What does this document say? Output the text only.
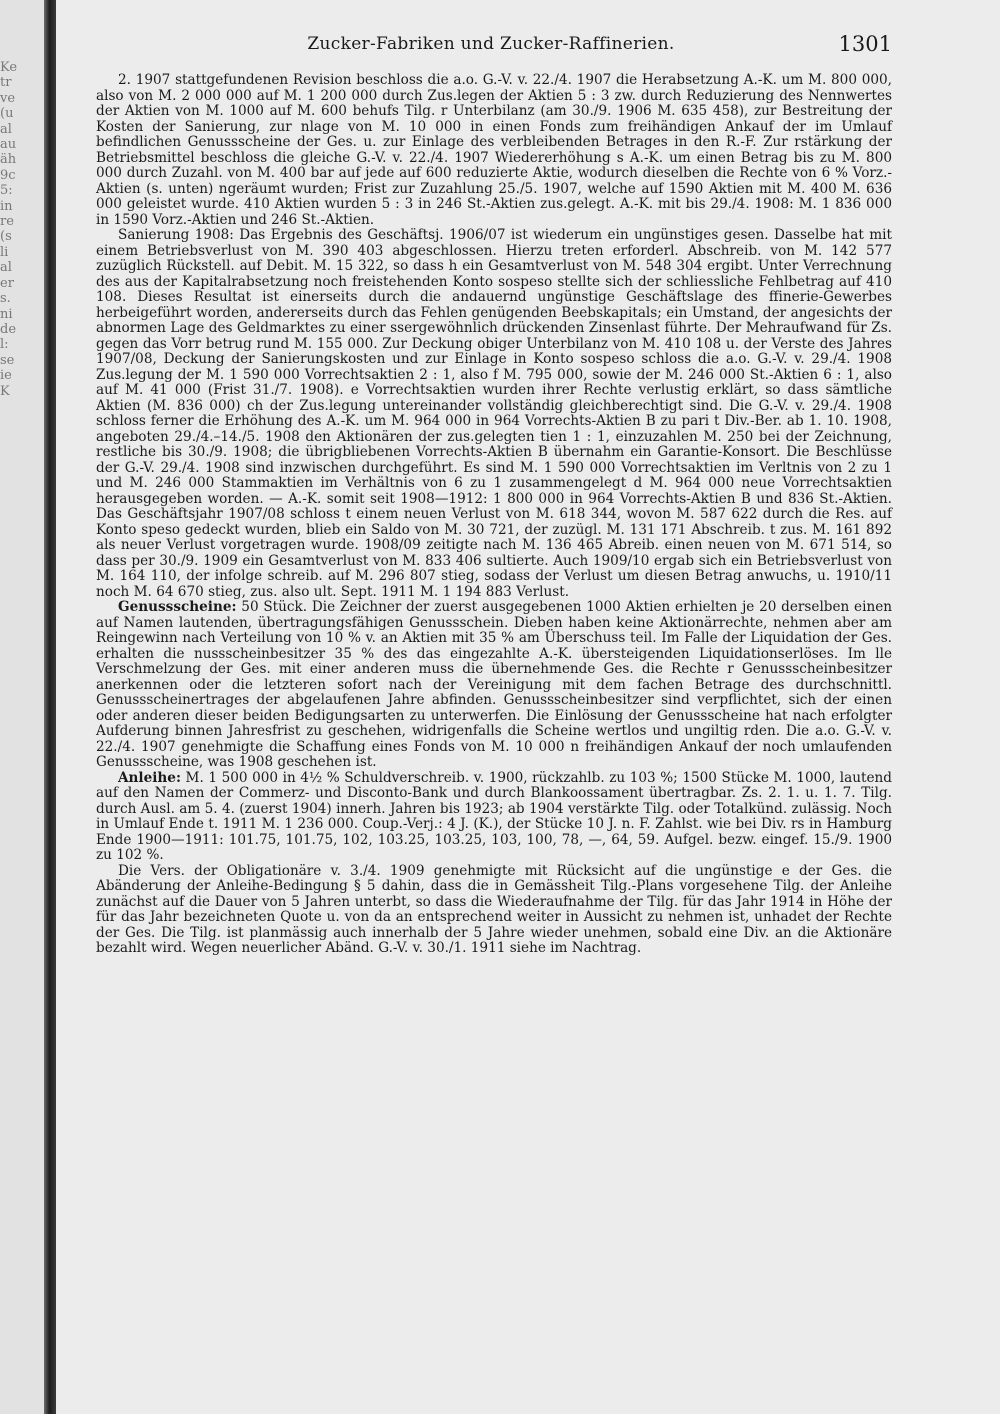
Ke
tr
ve
(u
al
au
äh
9c
5:
in
re
(s
li
al
er
s.
ni
de
l:
se
ie
K
Zucker-Fabriken und Zucker-Raffinerien.	1301

2. 1907 stattgefundenen Revision beschloss die a.o. G.-V. v. 22./4. 1907 die Herabsetzung A.-K. um M. 800 000, also von M. 2 000 000 auf M. 1 200 000 durch Zus.legen der Aktien 5 : 3 zw. durch Reduzierung des Nennwertes der Aktien von M. 1000 auf M. 600 behufs Tilg. r Unterbilanz (am 30./9. 1906 M. 635 458), zur Bestreitung der Kosten der Sanierung, zur nlage von M. 10 000 in einen Fonds zum freihändigen Ankauf der im Umlauf befindlichen Genussscheine der Ges. u. zur Einlage des verbleibenden Betrages in den R.-F. Zur rstärkung der Betriebsmittel beschloss die gleiche G.-V. v. 22./4. 1907 Wiedererhöhung s A.-K. um einen Betrag bis zu M. 800 000 durch Zuzahl. von M. 400 bar auf jede auf 600 reduzierte Aktie, wodurch dieselben die Rechte von 6 % Vorz.-Aktien (s. unten) ngeräumt wurden; Frist zur Zuzahlung 25./5. 1907, welche auf 1590 Aktien mit M. 400 M. 636 000 geleistet wurde. 410 Aktien wurden 5 : 3 in 246 St.-Aktien zus.gelegt. A.-K. mit bis 29./4. 1908: M. 1 836 000 in 1590 Vorz.-Aktien und 246 St.-Aktien.

Sanierung 1908: Das Ergebnis des Geschäftsj. 1906/07 ist wiederum ein ungünstiges gesen. Dasselbe hat mit einem Betriebsverlust von M. 390 403 abgeschlossen. Hierzu treten erforderl. Abschreib. von M. 142 577 zuzüglich Rückstell. auf Debit. M. 15 322, so dass h ein Gesamtverlust von M. 548 304 ergibt. Unter Verrechnung des aus der Kapitalrabsetzung noch freistehenden Konto sospeso stellte sich der schliessliche Fehlbetrag auf 410 108. Dieses Resultat ist einerseits durch die andauernd ungünstige Geschäftslage des ffinerie-Gewerbes herbeigeführt worden, andererseits durch das Fehlen genügenden Beebskapitals; ein Umstand, der angesichts der abnormen Lage des Geldmarktes zu einer ssergewöhnlich drückenden Zinsenlast führte. Der Mehraufwand für Zs. gegen das Vorr betrug rund M. 155 000. Zur Deckung obiger Unterbilanz von M. 410 108 u. der Verste des Jahres 1907/08, Deckung der Sanierungskosten und zur Einlage in Konto sospeso schloss die a.o. G.-V. v. 29./4. 1908 Zus.legung der M. 1 590 000 Vorrechtsaktien 2 : 1, also f M. 795 000, sowie der M. 246 000 St.-Aktien 6 : 1, also auf M. 41 000 (Frist 31./7. 1908). e Vorrechtsaktien wurden ihrer Rechte verlustig erklärt, so dass sämtliche Aktien (M. 836 000) ch der Zus.legung untereinander vollständig gleichberechtigt sind. Die G.-V. v. 29./4. 1908 schloss ferner die Erhöhung des A.-K. um M. 964 000 in 964 Vorrechts-Aktien B zu pari t Div.-Ber. ab 1. 10. 1908, angeboten 29./4.–14./5. 1908 den Aktionären der zus.gelegten tien 1 : 1, einzuzahlen M. 250 bei der Zeichnung, restliche bis 30./9. 1908; die übrigbliebenen Vorrechts-Aktien B übernahm ein Garantie-Konsort. Die Beschlüsse der G.-V. 29./4. 1908 sind inzwischen durchgeführt. Es sind M. 1 590 000 Vorrechtsaktien im Verltnis von 2 zu 1 und M. 246 000 Stammaktien im Verhältnis von 6 zu 1 zusammengelegt d M. 964 000 neue Vorrechtsaktien herausgegeben worden. — A.-K. somit seit 1908—1912: 1 800 000 in 964 Vorrechts-Aktien B und 836 St.-Aktien. Das Geschäftsjahr 1907/08 schloss t einem neuen Verlust von M. 618 344, wovon M. 587 622 durch die Res. auf Konto speso gedeckt wurden, blieb ein Saldo von M. 30 721, der zuzügl. M. 131 171 Abschreib. t zus. M. 161 892 als neuer Verlust vorgetragen wurde. 1908/09 zeitigte nach M. 136 465 Abreib. einen neuen von M. 671 514, so dass per 30./9. 1909 ein Gesamtverlust von M. 833 406 sultierte. Auch 1909/10 ergab sich ein Betriebsverlust von M. 164 110, der infolge schreib. auf M. 296 807 stieg, sodass der Verlust um diesen Betrag anwuchs, u. 1910/11 noch M. 64 670 stieg, zus. also ult. Sept. 1911 M. 1 194 883 Verlust.

Genussscheine: 50 Stück. Die Zeichner der zuerst ausgegebenen 1000 Aktien erhielten je 20 derselben einen auf Namen lautenden, übertragungsfähigen Genussschein. Dieben haben keine Aktionärrechte, nehmen aber am Reingewinn nach Verteilung von 10 % v. an Aktien mit 35 % am Überschuss teil. Im Falle der Liquidation der Ges. erhalten die nussscheinbesitzer 35 % des das eingezahlte A.-K. übersteigenden Liquidationserlöses. Im lle Verschmelzung der Ges. mit einer anderen muss die übernehmende Ges. die Rechte r Genussscheinbesitzer anerkennen oder die letzteren sofort nach der Vereinigung mit dem fachen Betrage des durchschnittl. Genussscheinertrages der abgelaufenen Jahre abfinden. Genussscheinbesitzer sind verpflichtet, sich der einen oder anderen dieser beiden Bedigungsarten zu unterwerfen. Die Einlösung der Genussscheine hat nach erfolgter Aufderung binnen Jahresfrist zu geschehen, widrigenfalls die Scheine wertlos und ungiltig rden. Die a.o. G.-V. v. 22./4. 1907 genehmigte die Schaffung eines Fonds von M. 10 000 n freihändigen Ankauf der noch umlaufenden Genussscheine, was 1908 geschehen ist.

Anleihe: M. 1 500 000 in 4½ % Schuldverschreib. v. 1900, rückzahlb. zu 103 %; 1500 Stücke M. 1000, lautend auf den Namen der Commerz- und Disconto-Bank und durch Blankoossament übertragbar. Zs. 2. 1. u. 1. 7. Tilg. durch Ausl. am 5. 4. (zuerst 1904) innerh. Jahren bis 1923; ab 1904 verstärkte Tilg. oder Totalkünd. zulässig. Noch in Umlauf Ende t. 1911 M. 1 236 000. Coup.-Verj.: 4 J. (K.), der Stücke 10 J. n. F. Zahlst. wie bei Div. rs in Hamburg Ende 1900—1911: 101.75, 101.75, 102, 103.25, 103.25, 103, 100, 78, —, 64, 59. Aufgel. bezw. eingef. 15./9. 1900 zu 102 %.

Die Vers. der Obligationäre v. 3./4. 1909 genehmigte mit Rücksicht auf die ungünstige e der Ges. die Abänderung der Anleihe-Bedingung § 5 dahin, dass die in Gemässheit Tilg.-Plans vorgesehene Tilg. der Anleihe zunächst auf die Dauer von 5 Jahren unterbt, so dass die Wiederaufnahme der Tilg. für das Jahr 1914 in Höhe der für das Jahr bezeichneten Quote u. von da an entsprechend weiter in Aussicht zu nehmen ist, unhadet der Rechte der Ges. Die Tilg. ist planmässig auch innerhalb der 5 Jahre wieder unehmen, sobald eine Div. an die Aktionäre bezahlt wird. Wegen neuerlicher Abänd. G.-V. v. 30./1. 1911 siehe im Nachtrag.
